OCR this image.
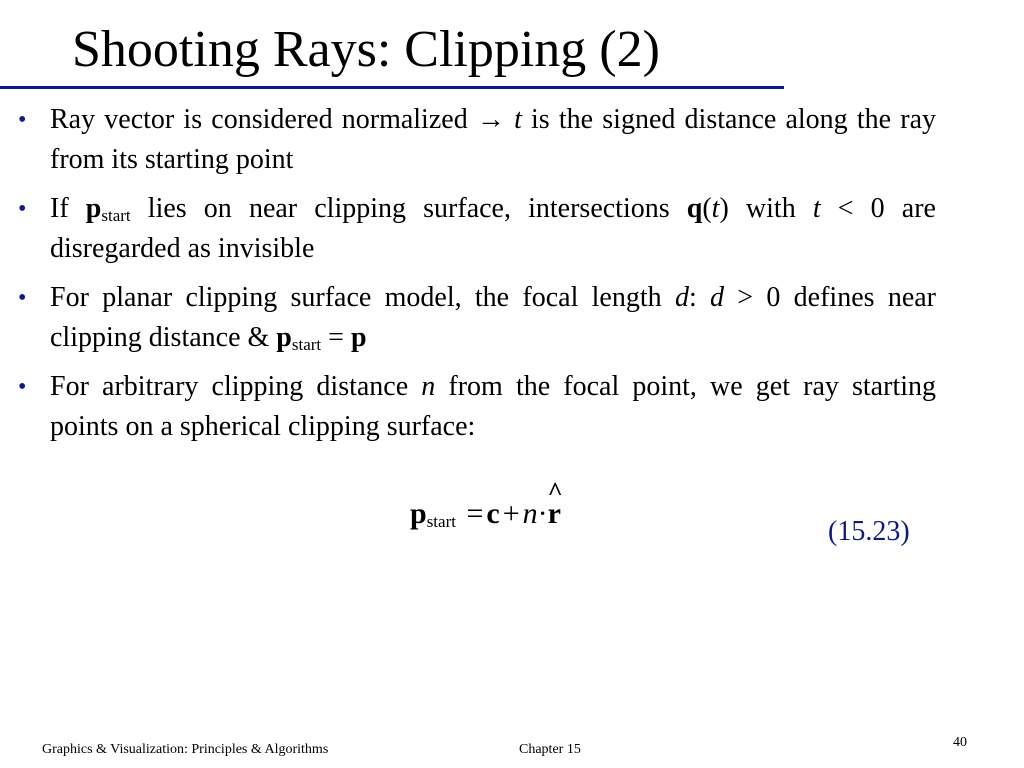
Shooting Rays: Clipping (2)
• Ray vector is considered normalized → t is the signed distance along the ray from its starting point
• If $p_{start}$ lies on near clipping surface, intersections q(t) with t < 0 are disregarded as invisible
• For planar clipping surface model, the focal length d: d > 0 defines near clipping distance & $p_{start} = p$
• For arbitrary clipping distance n from the focal point, we get ray starting points on a spherical clipping surface:
$p_{start} = c + n\cdot$
^
r
(15.23)
Graphics & Visualization: Principles & Algorithms	Chapter 15	40
